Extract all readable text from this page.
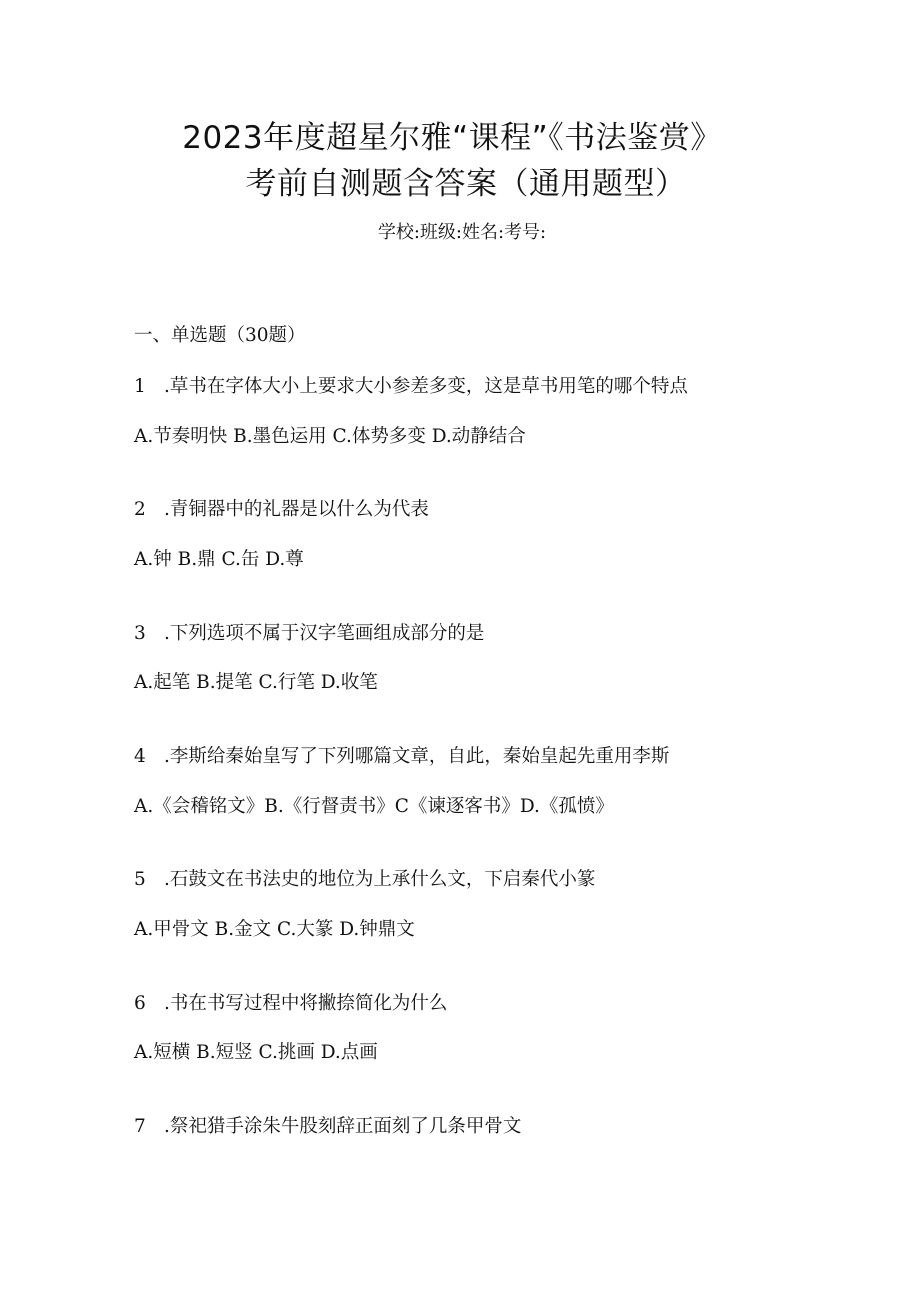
2023年度超星尔雅“课程”《书法鉴赏》
考前自测题含答案（通用题型）
学校:班级:姓名:考号:
一、单选题（30题）
1 .草书在字体大小上要求大小参差多变，这是草书用笔的哪个特点
A.节奏明快 B.墨色运用 C.体势多变 D.动静结合
2 .青铜器中的礼器是以什么为代表
A.钟 B.鼎 C.缶 D.尊
3 .下列选项不属于汉字笔画组成部分的是
A.起笔 B.提笔 C.行笔 D.收笔
4 .李斯给秦始皇写了下列哪篇文章，自此，秦始皇起先重用李斯
A.《会稽铭文》B.《行督责书》C《谏逐客书》D.《孤愤》
5 .石鼓文在书法史的地位为上承什么文，下启秦代小篆
A.甲骨文 B.金文 C.大篆 D.钟鼎文
6 .书在书写过程中将撇捺简化为什么
A.短横 B.短竖 C.挑画 D.点画
7 .祭祀猎手涂朱牛股刻辞正面刻了几条甲骨文
